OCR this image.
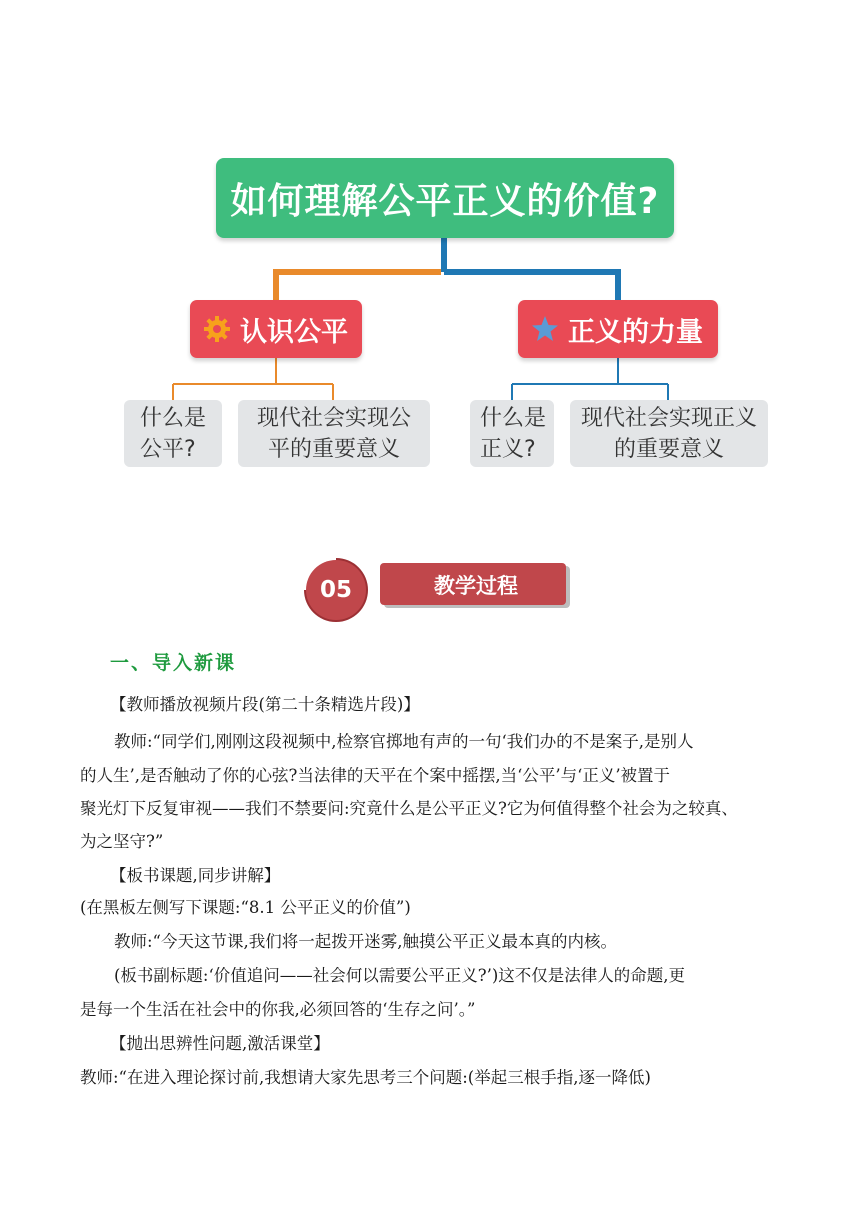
如何理解公平正义的价值?
认识公平	正义的力量
什么是
公平?
现代社会实现公
平的重要意义
什么是
正义?
现代社会实现正义
的重要意义
05	教学过程
一、导入新课
【教师播放视频片段(第二十条精选片段)】
教师:“同学们,刚刚这段视频中,检察官掷地有声的一句‘我们办的不是案子,是别人
的人生’,是否触动了你的心弦?当法律的天平在个案中摇摆,当‘公平’与‘正义’被置于
聚光灯下反复审视——我们不禁要问:究竟什么是公平正义?它为何值得整个社会为之较真、
为之坚守?”
【板书课题,同步讲解】
(在黑板左侧写下课题:“8.1 公平正义的价值”)
教师:“今天这节课,我们将一起拨开迷雾,触摸公平正义最本真的内核。
(板书副标题:‘价值追问——社会何以需要公平正义?’)这不仅是法律人的命题,更
是每一个生活在社会中的你我,必须回答的‘生存之问’。”
【抛出思辨性问题,激活课堂】
教师:“在进入理论探讨前,我想请大家先思考三个问题:(举起三根手指,逐一降低)
